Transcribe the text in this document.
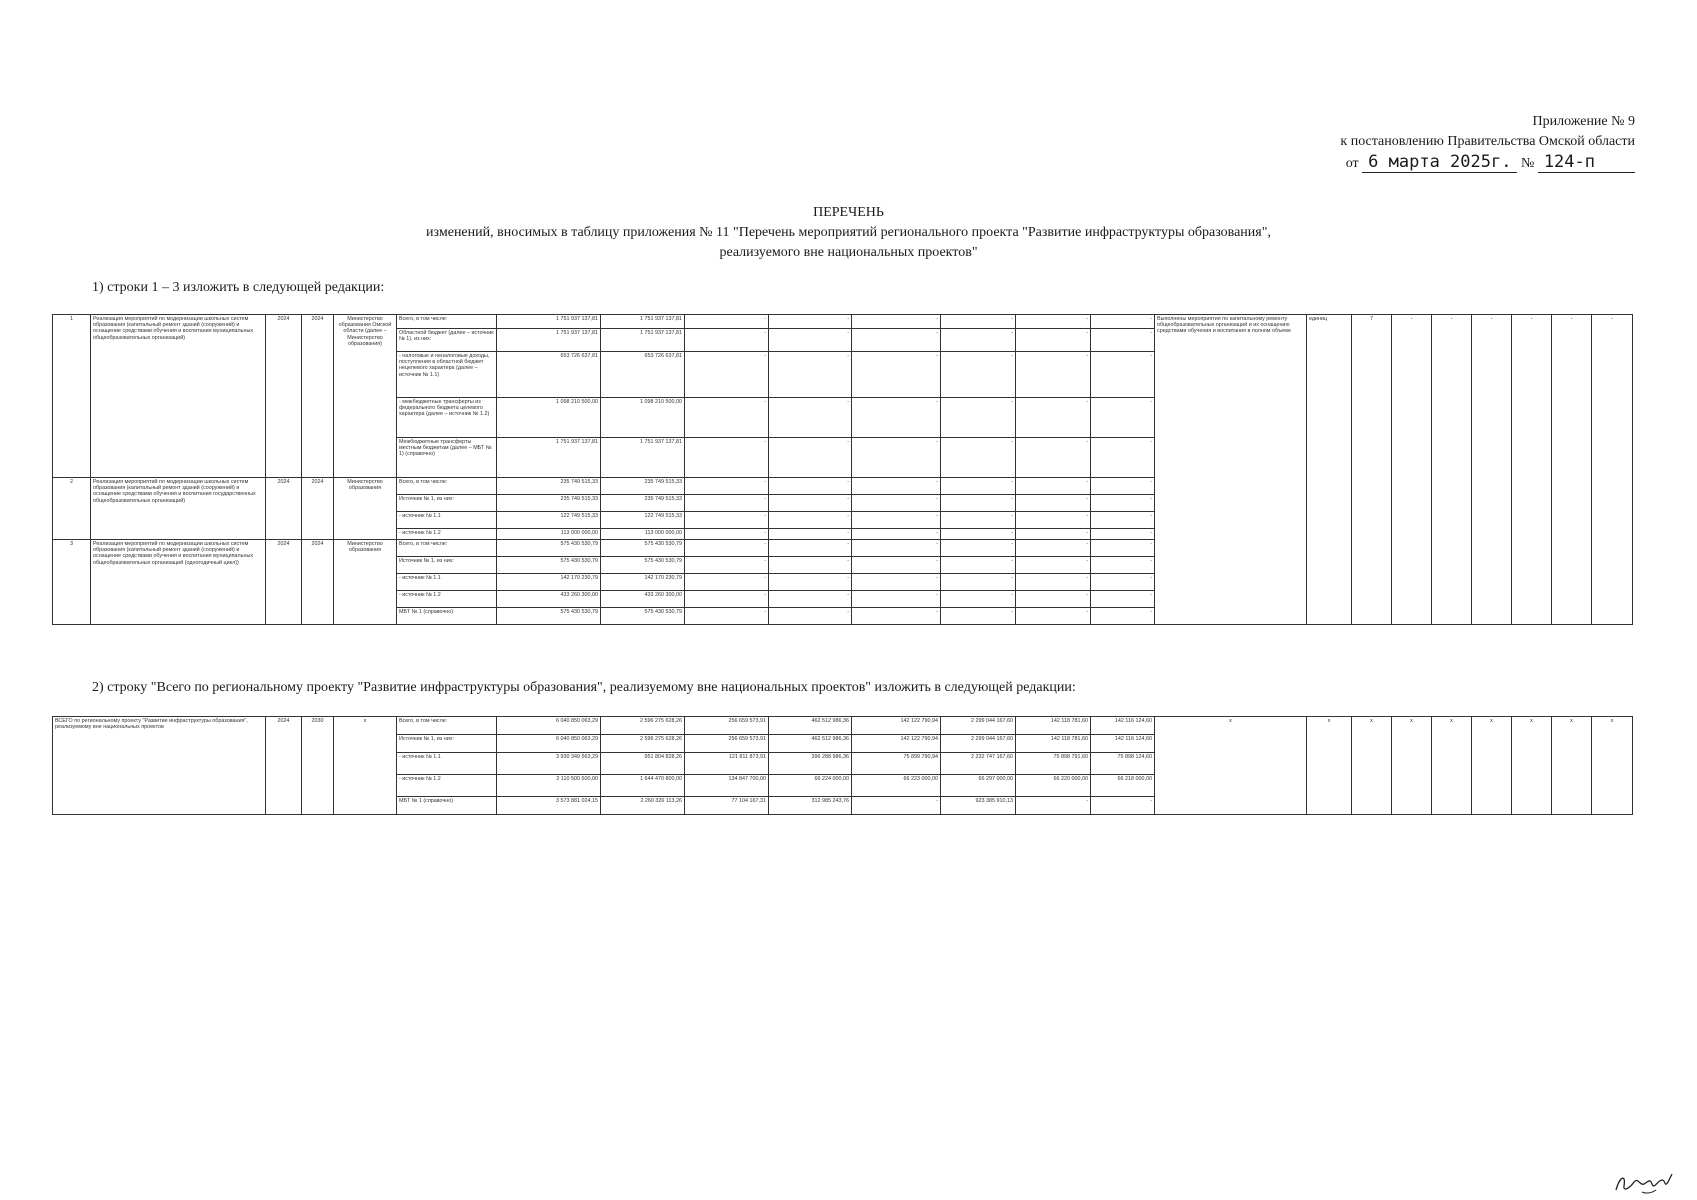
Приложение № 9
к постановлению Правительства Омской области
от 6 марта 2025г. № 124-п
ПЕРЕЧЕНЬ
изменений, вносимых в таблицу приложения № 11 "Перечень мероприятий регионального проекта "Развитие инфраструктуры образования",
реализуемого вне национальных проектов"
1) строки 1 – 3 изложить в следующей редакции:
2) строку "Всего по региональному проекту "Развитие инфраструктуры образования", реализуемому вне национальных проектов" изложить в следующей редакции:
1	Реализация мероприятий по модернизации школьных систем образования (капитальный ремонт зданий (сооружений) и оснащение средствами обучения и воспитания муниципальных общеобразовательных организаций)	2024	2024	Министерство образования Омской области (далее – Министерство образования)	Всего, в том числе:	1 751 937 137,81	1 751 937 137,81	-	-	-	-	-	-	Выполнены мероприятия по капитальному ремонту общеобразовательных организаций и их оснащению средствами обучения и воспитания в полном объеме	единиц	7	-	-	-	-	-	-
					Областной бюджет (далее – источник № 1), из них:	1 751 937 137,81	1 751 937 137,81	-	-	-	-	-	-									
					- налоговые и неналоговые доходы, поступления в областной бюджет нецелевого характера (далее – источник № 1.1)	653 726 637,81	653 726 637,81	-	-	-	-	-	-									
					- межбюджетные трансферты из федерального бюджета целевого характера (далее – источник № 1.2)	1 098 210 500,00	1 098 210 500,00	-	-	-	-	-	-									
					Межбюджетные трансферты местным бюджетам (далее – МБТ № 1) (справочно)	1 751 937 137,81	1 751 937 137,81	-	-	-	-	-	-									
2	Реализация мероприятий по модернизации школьных систем образования (капитальный ремонт зданий (сооружений) и оснащение средствами обучения и воспитания государственных общеобразовательных организаций)	2024	2024	Министерство образования	Всего, в том числе:	235 749 515,33	235 749 515,33	-	-	-	-	-	-									
					Источник № 1, из них:	235 749 515,33	235 749 515,33	-	-	-	-	-	-									
					- источник № 1.1	122 749 515,33	122 749 515,33	-	-	-	-	-	-									
					- источник № 1.2	113 000 000,00	113 000 000,00	-	-	-	-	-	-									
3	Реализация мероприятий по модернизации школьных систем образования (капитальный ремонт зданий (сооружений) и оснащение средствами обучения и воспитания муниципальных общеобразовательных организаций (одногодичный цикл))	2024	2024	Министерство образования	Всего, в том числе:	575 430 530,79	575 430 530,79	-	-	-	-	-	-									
					Источник № 1, из них:	575 430 530,79	575 430 530,79	-	-	-	-	-	-									
					- источник № 1.1	142 170 230,79	142 170 230,79	-	-	-	-	-	-									
					- источник № 1.2	433 260 300,00	433 260 300,00	-	-	-	-	-	-									
					МБТ № 1 (справочно)	575 430 530,79	575 430 530,79	-	-	-	-	-	-									
ВСЕГО по региональному проекту "Развитие инфраструктуры образования", реализуемому вне национальных проектов	2024	2030	x	Всего, в том числе:	6 040 850 063,29	2 596 275 628,26	256 659 573,91	462 512 986,36	142 122 790,94	2 299 044 167,60	142 118 781,60	142 116 124,60	x	x	x	x	x	x	x	x	x
				Источник № 1, из них:	6 040 850 063,29	2 596 275 628,26	256 659 573,91	462 512 986,36	142 122 790,94	2 299 044 167,60	142 118 781,60	142 116 124,60									
				- источник № 1.1	3 930 349 563,29	951 804 828,26	121 811 873,91	396 288 986,36	75 899 790,94	2 232 747 167,60	75 898 791,60	75 898 124,60									
				- источник № 1.2	2 110 500 500,00	1 644 470 800,00	134 847 700,00	66 224 000,00	66 223 000,00	66 297 000,00	66 220 000,00	66 218 000,00									
				МБТ № 1 (справочно)	3 573 881 024,15	2 260 326 113,26	77 104 167,31	312 985 243,76	-	923 385 910,13	-	-									
